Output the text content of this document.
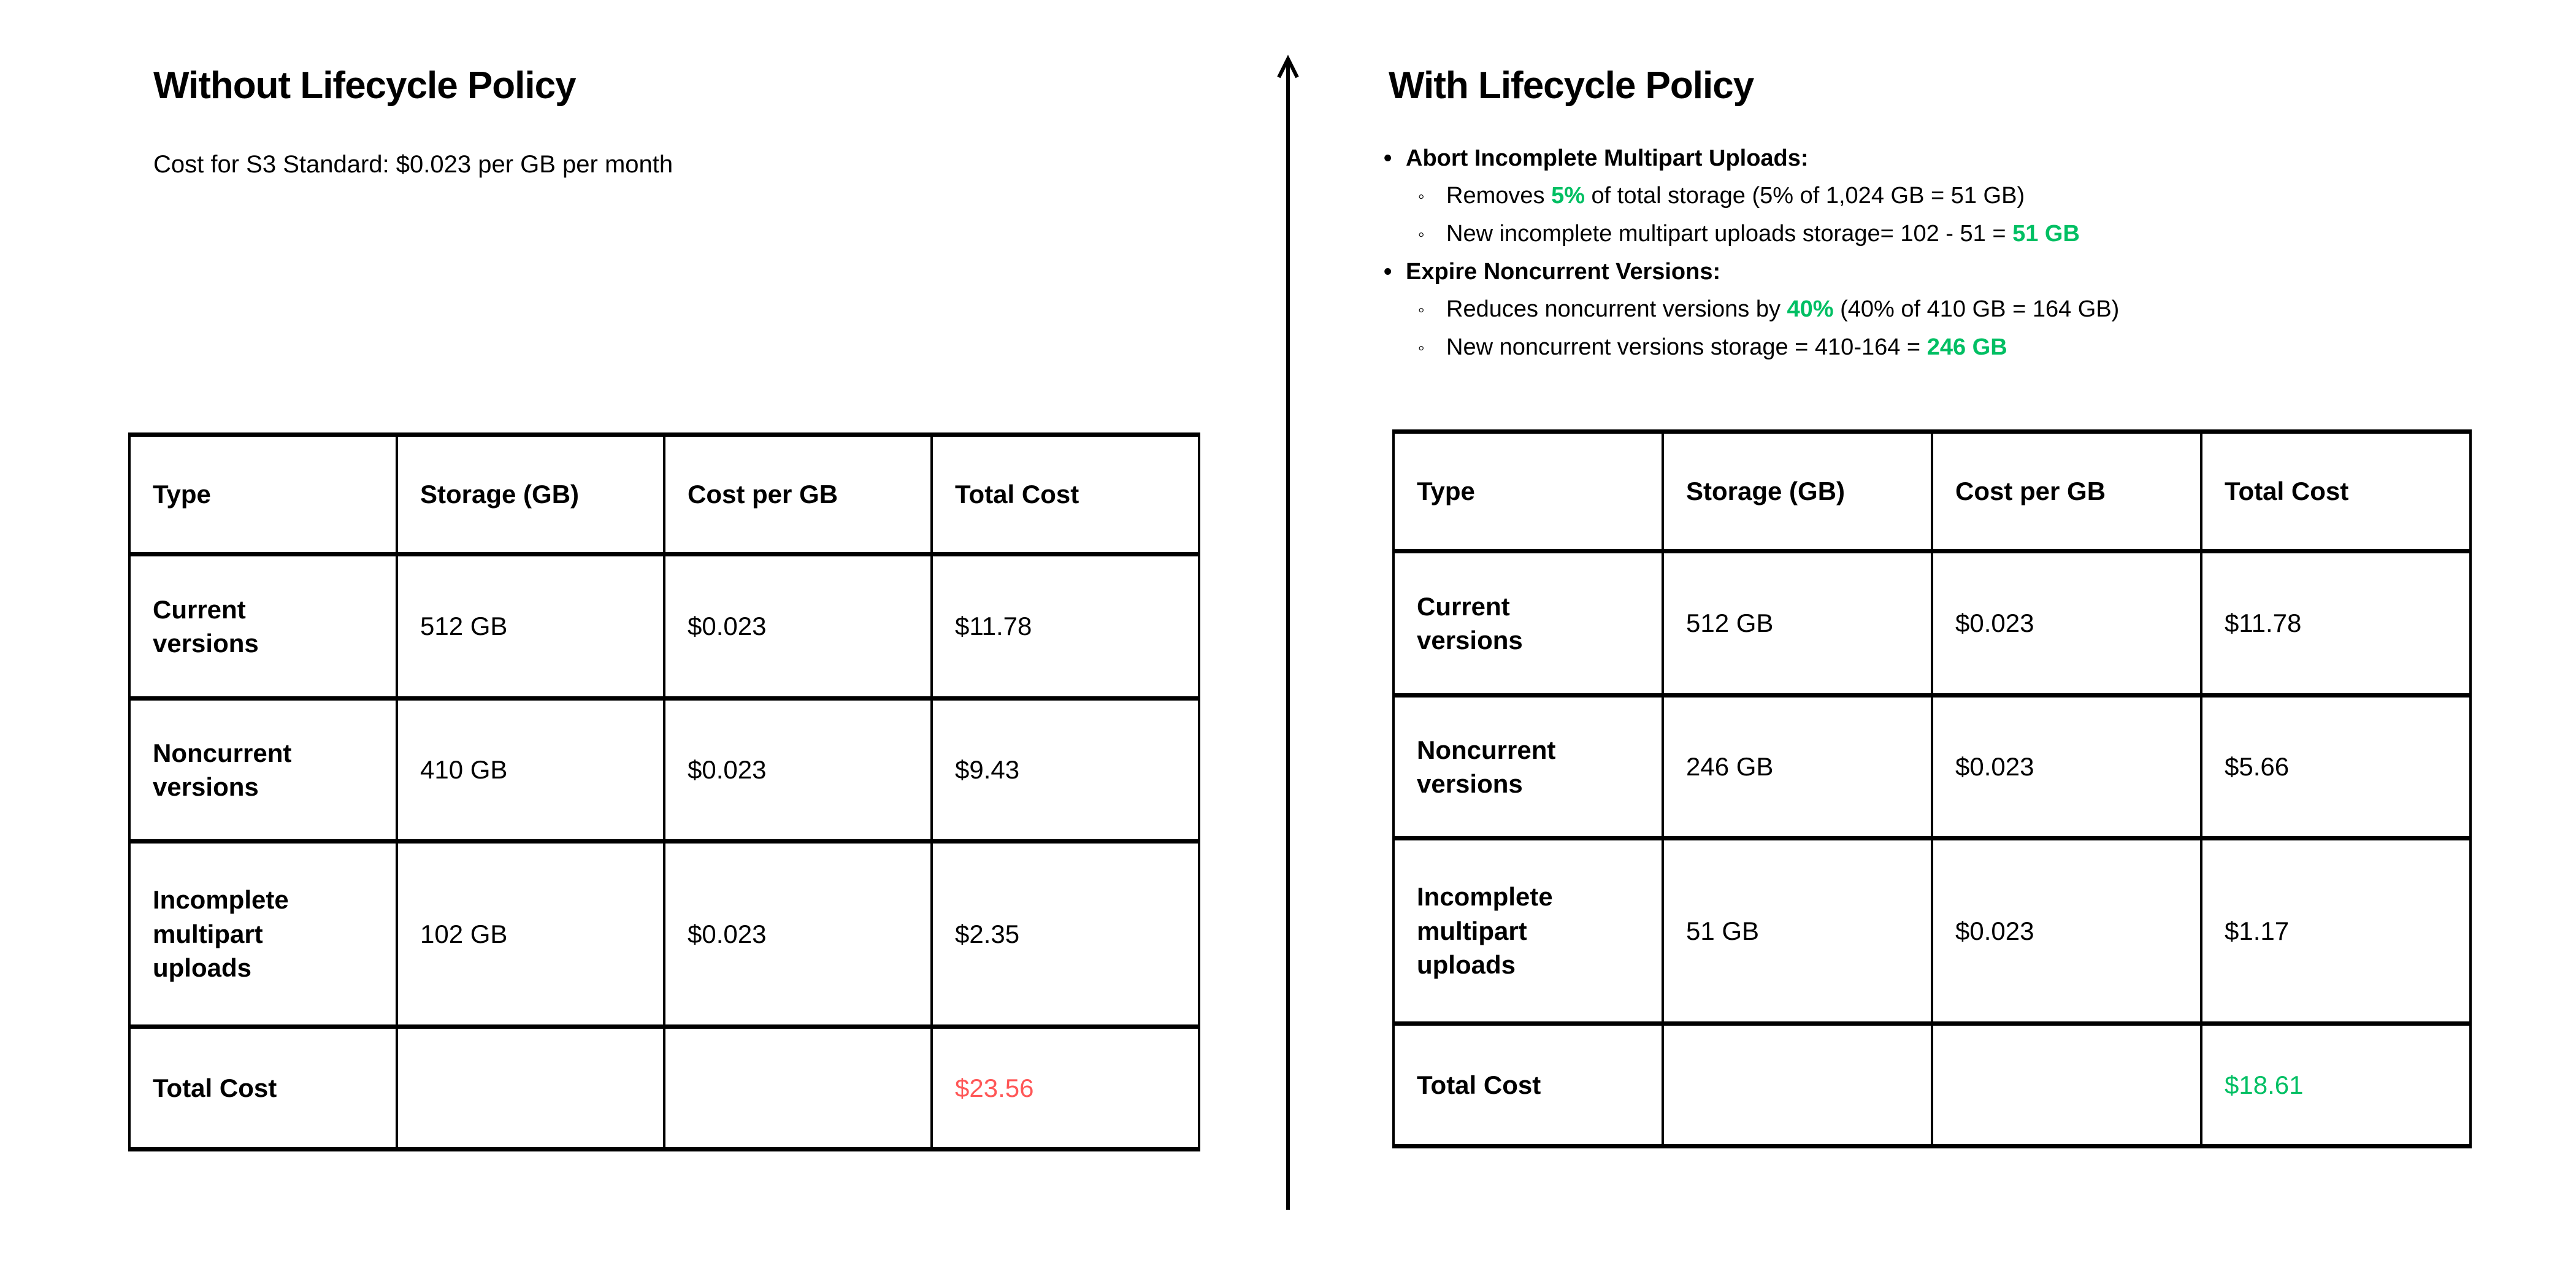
Without Lifecycle Policy
Cost for S3 Standard: $0.023 per GB per month
Type	Storage (GB)	Cost per GB	Total Cost
Current versions	512 GB	$0.023	$11.78
Noncurrent versions	410 GB	$0.023	$9.43
Incomplete multipart uploads	102 GB	$0.023	$2.35
Total Cost			$23.56
With Lifecycle Policy
• Abort Incomplete Multipart Uploads:
◦ Removes 5% of total storage (5% of 1,024 GB = 51 GB)
◦ New incomplete multipart uploads storage= 102 - 51 = 51 GB
• Expire Noncurrent Versions:
◦ Reduces noncurrent versions by 40% (40% of 410 GB = 164 GB)
◦ New noncurrent versions storage = 410-164 = 246 GB
Type	Storage (GB)	Cost per GB	Total Cost
Current versions	512 GB	$0.023	$11.78
Noncurrent versions	246 GB	$0.023	$5.66
Incomplete multipart uploads	51 GB	$0.023	$1.17
Total Cost			$18.61
